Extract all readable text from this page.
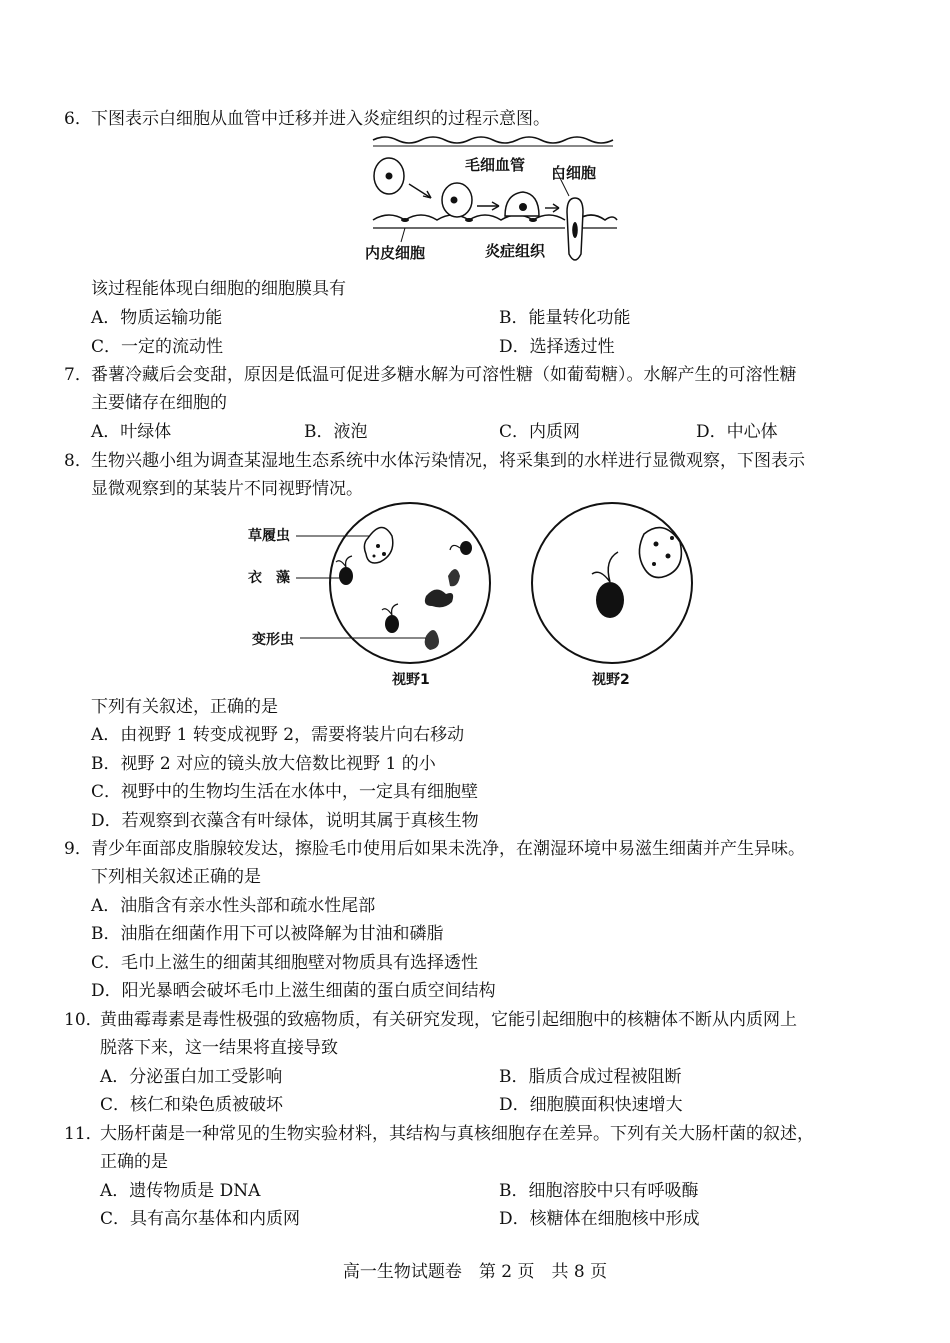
6． 下图表示白细胞从血管中迁移并进入炎症组织的过程示意图。
毛细血管 白细胞
内皮细胞	炎症组织
该过程能体现白细胞的细胞膜具有
A．物质运输功能	B．能量转化功能
C．一定的流动性	D．选择透过性
7． 番薯冷藏后会变甜，原因是低温可促进多糖水解为可溶性糖（如葡萄糖）。水解产生的可溶性糖
主要储存在细胞的
A．叶绿体	B．液泡	C．内质网	D．中心体
8． 生物兴趣小组为调查某湿地生态系统中水体污染情况，将采集到的水样进行显微观察，下图表示
显微观察到的某装片不同视野情况。
草履虫
衣　藻
变形虫
视野1	视野2
下列有关叙述，正确的是
A．由视野 1 转变成视野 2，需要将装片向右移动
B．视野 2 对应的镜头放大倍数比视野 1 的小
C．视野中的生物均生活在水体中，一定具有细胞壁
D．若观察到衣藻含有叶绿体，说明其属于真核生物
9． 青少年面部皮脂腺较发达，擦脸毛巾使用后如果未洗净，在潮湿环境中易滋生细菌并产生异味。
下列相关叙述正确的是
A．油脂含有亲水性头部和疏水性尾部
B．油脂在细菌作用下可以被降解为甘油和磷脂
C．毛巾上滋生的细菌其细胞壁对物质具有选择透性
D．阳光暴晒会破坏毛巾上滋生细菌的蛋白质空间结构
10．
黄曲霉毒素是毒性极强的致癌物质，有关研究发现，它能引起细胞中的核糖体不断从内质网上
脱落下来，这一结果将直接导致
A．分泌蛋白加工受影响	B．脂质合成过程被阻断
C．核仁和染色质被破坏	D．细胞膜面积快速增大
11．
大肠杆菌是一种常见的生物实验材料，其结构与真核细胞存在差异。下列有关大肠杆菌的叙述，
正确的是
A．遗传物质是 DNA	B．细胞溶胶中只有呼吸酶
C．具有高尔基体和内质网	D．核糖体在细胞核中形成
高一生物试题卷　第 2 页　共 8 页
